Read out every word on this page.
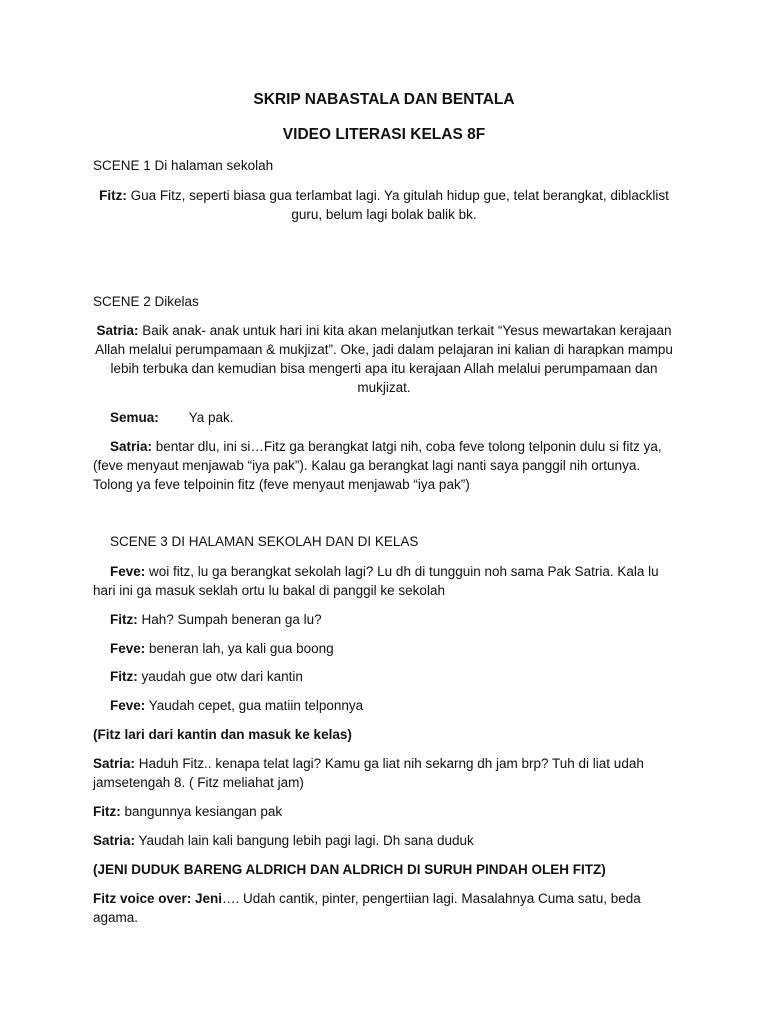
SKRIP NABASTALA DAN BENTALA
VIDEO LITERASI KELAS 8F
SCENE 1 Di halaman sekolah
Fitz: Gua Fitz, seperti biasa gua terlambat lagi. Ya gitulah hidup gue, telat berangkat, diblacklist guru, belum lagi bolak balik bk.
SCENE 2 Dikelas
Satria: Baik anak- anak untuk hari ini kita akan melanjutkan terkait “Yesus mewartakan kerajaan Allah melalui perumpamaan & mukjizat”. Oke, jadi dalam pelajaran ini kalian di harapkan mampu lebih terbuka dan kemudian bisa mengerti apa itu kerajaan Allah melalui perumpamaan dan mukjizat.
Semua: Ya pak.
Satria: bentar dlu, ini si…Fitz ga berangkat latgi nih, coba feve tolong telponin dulu si fitz ya, (feve menyaut menjawab “iya pak”). Kalau ga berangkat lagi nanti saya panggil nih ortunya. Tolong ya feve telpoinin fitz (feve menyaut menjawab “iya pak”)
SCENE 3 DI HALAMAN SEKOLAH DAN DI KELAS
Feve: woi fitz, lu ga berangkat sekolah lagi? Lu dh di tungguin noh sama Pak Satria. Kala lu hari ini ga masuk seklah ortu lu bakal di panggil ke sekolah
Fitz: Hah? Sumpah beneran ga lu?
Feve: beneran lah, ya kali gua boong
Fitz: yaudah gue otw dari kantin
Feve: Yaudah cepet, gua matiin telponnya
(Fitz lari dari kantin dan masuk ke kelas)
Satria: Haduh Fitz.. kenapa telat lagi? Kamu ga liat nih sekarng dh jam brp? Tuh di liat udah jamsetengah 8. ( Fitz meliahat jam)
Fitz: bangunnya kesiangan pak
Satria: Yaudah lain kali bangung lebih pagi lagi. Dh sana duduk
(JENI DUDUK BARENG ALDRICH DAN ALDRICH DI SURUH PINDAH OLEH FITZ)
Fitz voice over: Jeni…. Udah cantik, pinter, pengertiian lagi. Masalahnya Cuma satu, beda agama.
